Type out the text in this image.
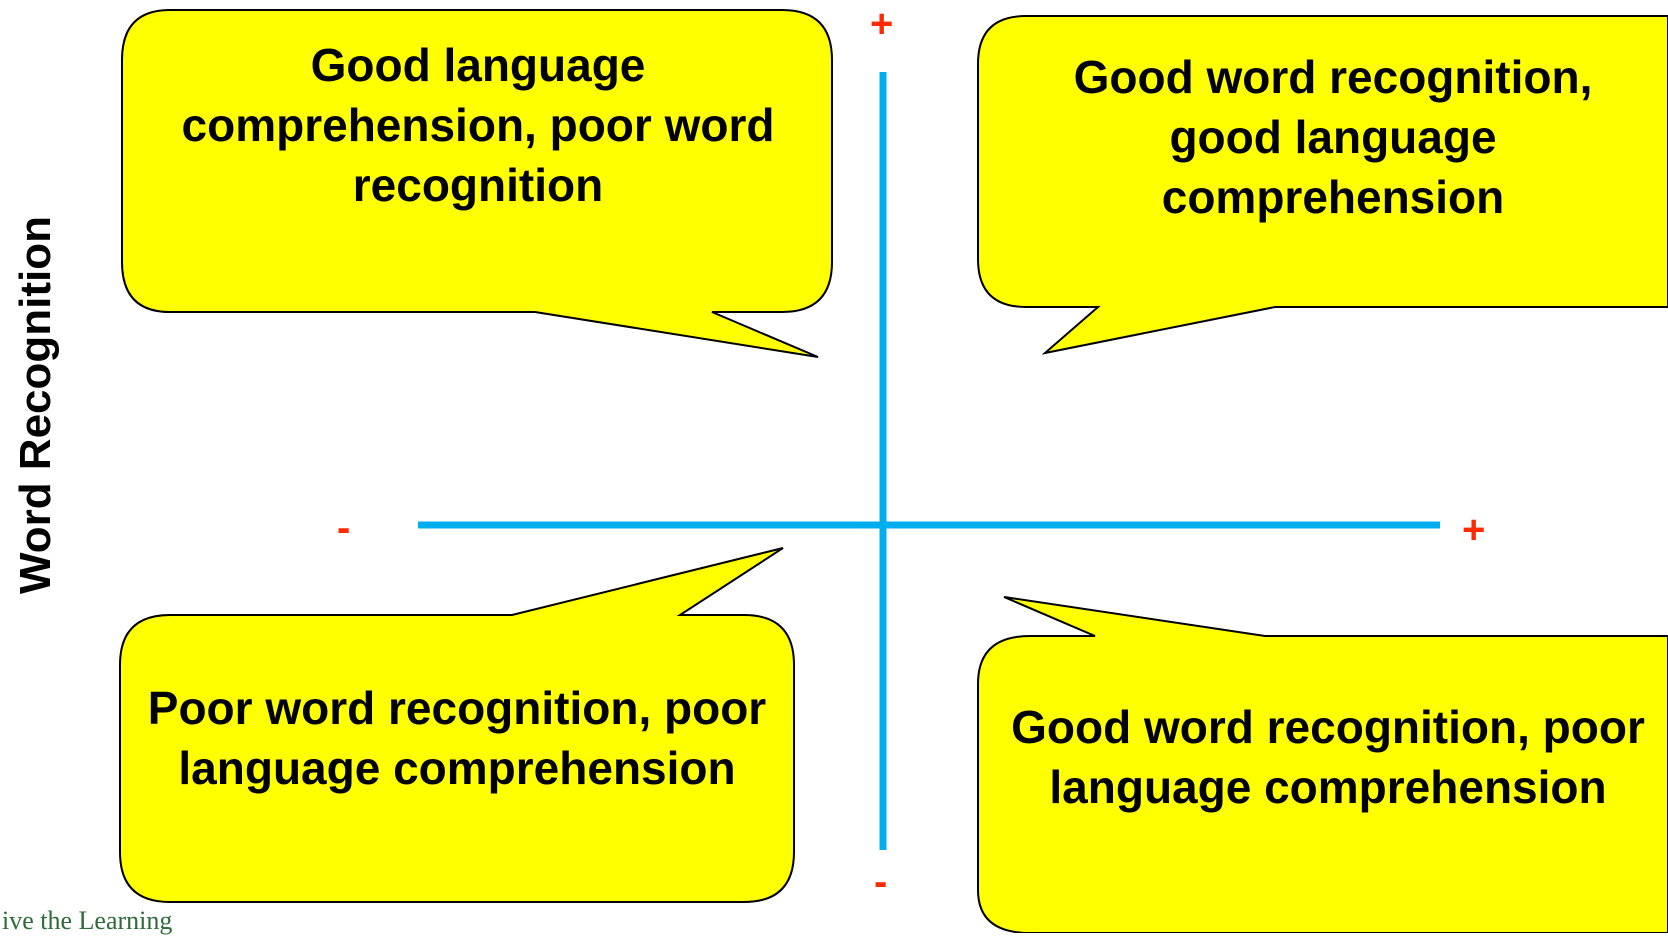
Good language comprehension, poor word recognition
Good word recognition, good language comprehension
Poor word recognition, poor language comprehension
Good word recognition, poor language comprehension
+
-
-	+
Word Recognition
ive the Learning
